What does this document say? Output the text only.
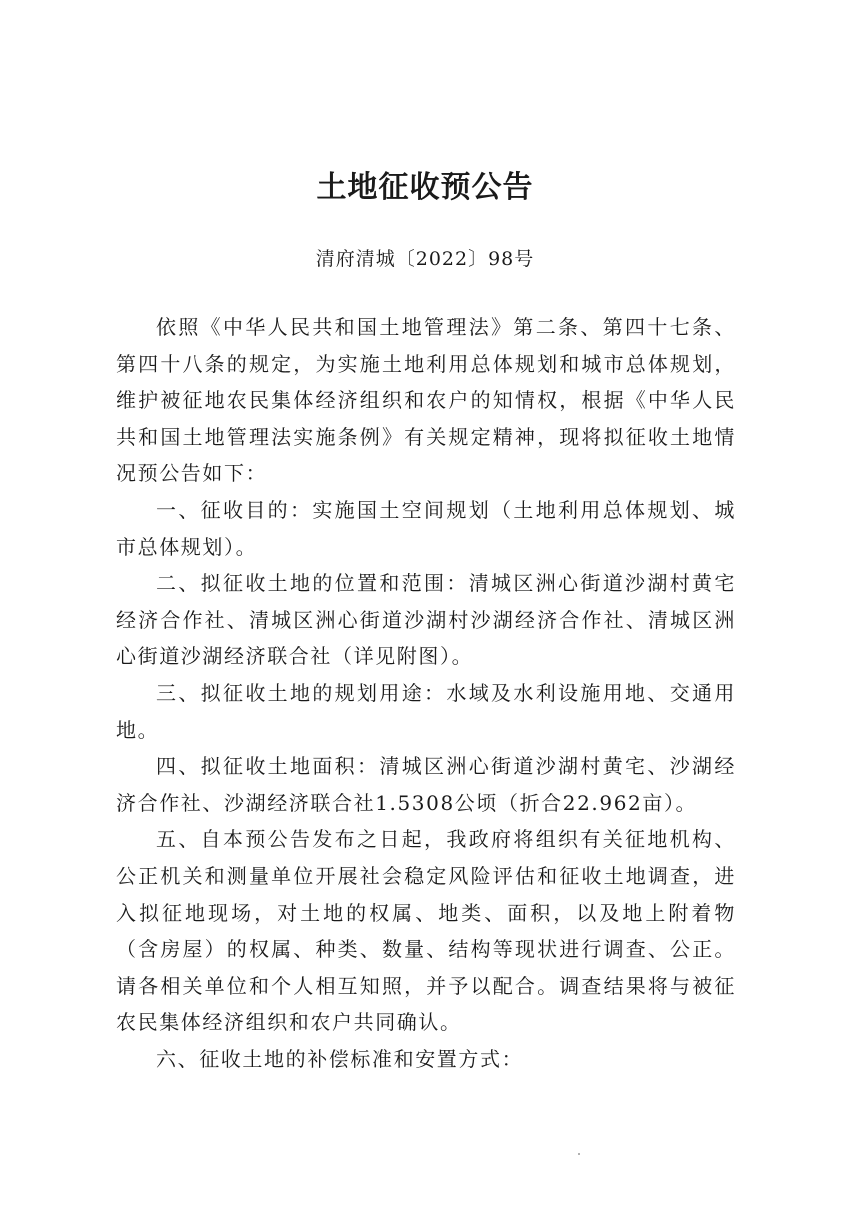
土地征收预公告
清府清城〔2022〕98号

依照《中华人民共和国土地管理法》第二条、第四十七条、第四十八条的规定，为实施土地利用总体规划和城市总体规划，维护被征地农民集体经济组织和农户的知情权，根据《中华人民共和国土地管理法实施条例》有关规定精神，现将拟征收土地情况预公告如下：

一、征收目的：实施国土空间规划（土地利用总体规划、城市总体规划）。

二、拟征收土地的位置和范围：清城区洲心街道沙湖村黄宅经济合作社、清城区洲心街道沙湖村沙湖经济合作社、清城区洲心街道沙湖经济联合社（详见附图）。

三、拟征收土地的规划用途：水域及水利设施用地、交通用地。

四、拟征收土地面积：清城区洲心街道沙湖村黄宅、沙湖经济合作社、沙湖经济联合社1.5308公顷（折合22.962亩）。

五、自本预公告发布之日起，我政府将组织有关征地机构、公正机关和测量单位开展社会稳定风险评估和征收土地调查，进入拟征地现场，对土地的权属、地类、面积，以及地上附着物（含房屋）的权属、种类、数量、结构等现状进行调查、公正。请各相关单位和个人相互知照，并予以配合。调查结果将与被征农民集体经济组织和农户共同确认。

六、征收土地的补偿标准和安置方式：
